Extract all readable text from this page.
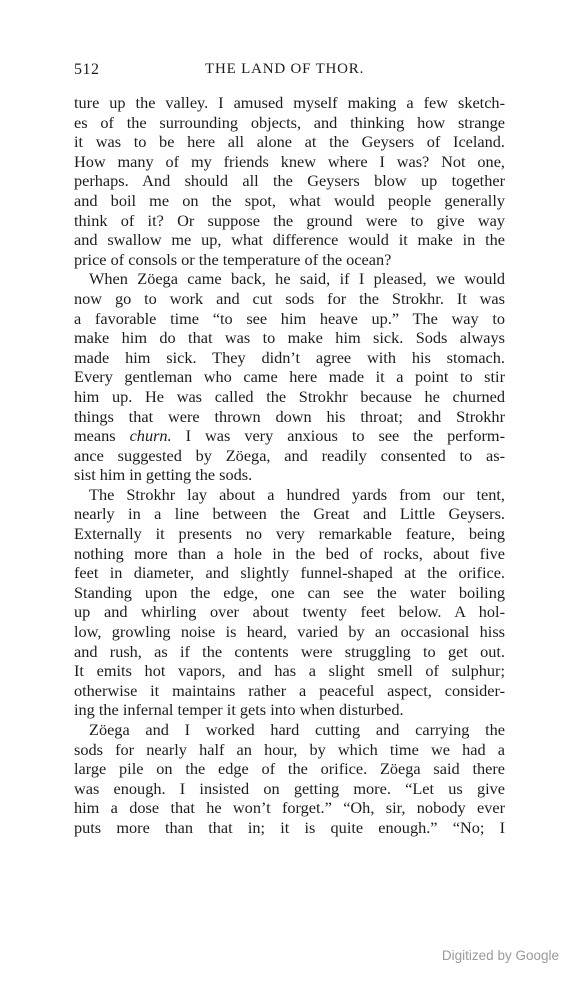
512	THE LAND OF THOR.
ture up the valley. I amused myself making a few sketch-
es of the surrounding objects, and thinking how strange
it was to be here all alone at the Geysers of Iceland.
How many of my friends knew where I was? Not one,
perhaps. And should all the Geysers blow up together
and boil me on the spot, what would people generally
think of it? Or suppose the ground were to give way
and swallow me up, what difference would it make in the
price of consols or the temperature of the ocean?
When Zöega came back, he said, if I pleased, we would
now go to work and cut sods for the Strokhr. It was
a favorable time “to see him heave up.” The way to
make him do that was to make him sick. Sods always
made him sick. They didn’t agree with his stomach.
Every gentleman who came here made it a point to stir
him up. He was called the Strokhr because he churned
things that were thrown down his throat; and Strokhr
means churn. I was very anxious to see the perform-
ance suggested by Zöega, and readily consented to as-
sist him in getting the sods.
The Strokhr lay about a hundred yards from our tent,
nearly in a line between the Great and Little Geysers.
Externally it presents no very remarkable feature, being
nothing more than a hole in the bed of rocks, about five
feet in diameter, and slightly funnel-shaped at the orifice.
Standing upon the edge, one can see the water boiling
up and whirling over about twenty feet below. A hol-
low, growling noise is heard, varied by an occasional hiss
and rush, as if the contents were struggling to get out.
It emits hot vapors, and has a slight smell of sulphur;
otherwise it maintains rather a peaceful aspect, consider-
ing the infernal temper it gets into when disturbed.
Zöega and I worked hard cutting and carrying the
sods for nearly half an hour, by which time we had a
large pile on the edge of the orifice. Zöega said there
was enough. I insisted on getting more. “Let us give
him a dose that he won’t forget.” “Oh, sir, nobody ever
puts more than that in; it is quite enough.” “No; I
Digitized by Google
